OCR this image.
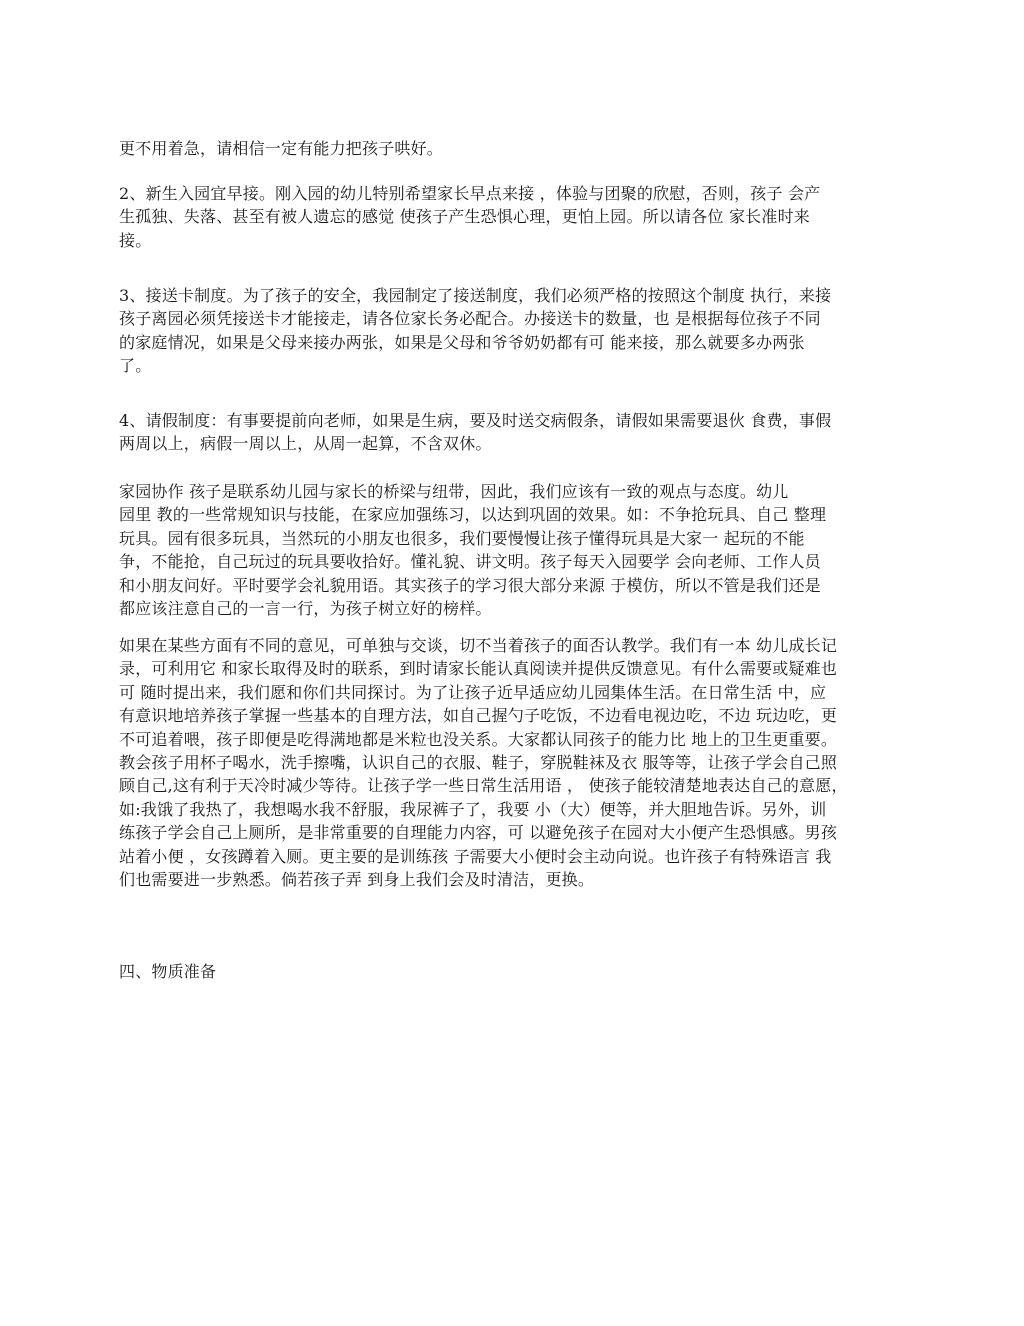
更不用着急，请相信一定有能力把孩子哄好。

2、新生入园宜早接。刚入园的幼儿特别希望家长早点来接 ，体验与团聚的欣慰，否则，孩子 会产
生孤独、失落、甚至有被人遗忘的感觉 使孩子产生恐惧心理，更怕上园。所以请各位 家长准时来
接。

3、接送卡制度。为了孩子的安全，我园制定了接送制度，我们必须严格的按照这个制度 执行，来接
孩子离园必须凭接送卡才能接走，请各位家长务必配合。办接送卡的数量，也 是根据每位孩子不同
的家庭情况，如果是父母来接办两张，如果是父母和爷爷奶奶都有可 能来接，那么就要多办两张
了。

4、请假制度：有事要提前向老师，如果是生病，要及时送交病假条，请假如果需要退伙 食费，事假
两周以上，病假一周以上，从周一起算，不含双休。

家园协作 孩子是联系幼儿园与家长的桥梁与纽带，因此，我们应该有一致的观点与态度。幼儿
园里 教的一些常规知识与技能，在家应加强练习，以达到巩固的效果。如：不争抢玩具、自己 整理
玩具。园有很多玩具，当然玩的小朋友也很多，我们要慢慢让孩子懂得玩具是大家一 起玩的不能
争，不能抢，自己玩过的玩具要收拾好。懂礼貌、讲文明。孩子每天入园要学 会向老师、工作人员
和小朋友问好。平时要学会礼貌用语。其实孩子的学习很大部分来源 于模仿，所以不管是我们还是
都应该注意自己的一言一行，为孩子树立好的榜样。

如果在某些方面有不同的意见，可单独与交谈，切不当着孩子的面否认教学。我们有一本 幼儿成长记
录，可利用它 和家长取得及时的联系，到时请家长能认真阅读并提供反馈意见。有什么需要或疑难也
可 随时提出来，我们愿和你们共同探讨。为了让孩子近早适应幼儿园集体生活。在日常生活 中，应
有意识地培养孩子掌握一些基本的自理方法，如自己握勺子吃饭，不边看电视边吃，不边 玩边吃，更
不可追着喂，孩子即便是吃得满地都是米粒也没关系。大家都认同孩子的能力比 地上的卫生更重要。
教会孩子用杯子喝水，洗手擦嘴，认识自己的衣服、鞋子，穿脱鞋袜及衣 服等等，让孩子学会自己照
顾自己,这有利于天冷时减少等待。让孩子学一些日常生活用语 ， 使孩子能较清楚地表达自己的意愿，
如:我饿了我热了，我想喝水我不舒服，我尿裤子了，我要 小（大）便等，并大胆地告诉。另外，训
练孩子学会自己上厕所，是非常重要的自理能力内容，可 以避免孩子在园对大小便产生恐惧感。男孩
站着小便 ，女孩蹲着入厕。更主要的是训练孩 子需要大小便时会主动向说。也许孩子有特殊语言 我
们也需要进一步熟悉。倘若孩子弄 到身上我们会及时清洁，更换。

四、物质准备
